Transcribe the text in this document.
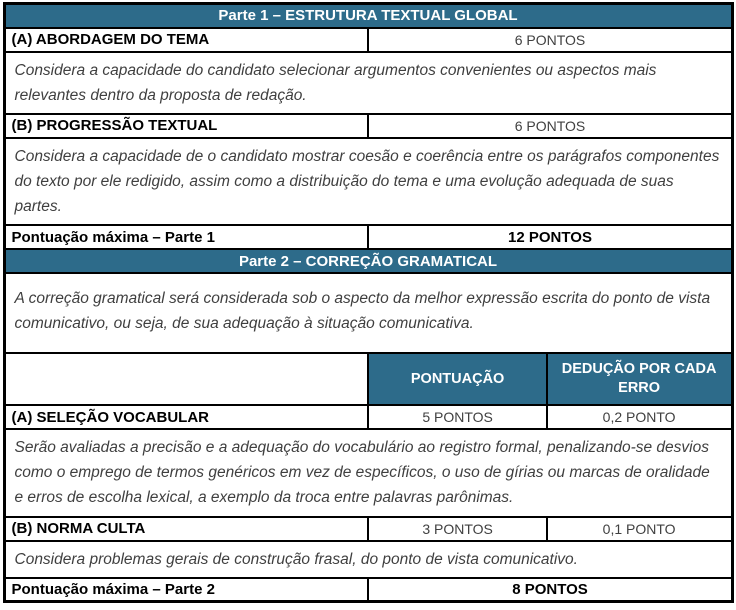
Parte 1 – ESTRUTURA TEXTUAL GLOBAL		
(A) ABORDAGEM DO TEMA	6 PONTOS	
Considera a capacidade do candidato selecionar argumentos convenientes ou aspectos mais relevantes dentro da proposta de redação.		
(B) PROGRESSÃO TEXTUAL	6 PONTOS	
Considera a capacidade de o candidato mostrar coesão e coerência entre os parágrafos componentes do texto por ele redigido, assim como a distribuição do tema e uma evolução adequada de suas partes.		
Pontuação máxima – Parte 1	12 PONTOS	
Parte 2 – CORREÇÃO GRAMATICAL		
A correção gramatical será considerada sob o aspecto da melhor expressão escrita do ponto de vista comunicativo, ou seja, de sua adequação à situação comunicativa.		
	PONTUAÇÃO	DEDUÇÃO POR CADA ERRO
(A) SELEÇÃO VOCABULAR	5 PONTOS	0,2 PONTO
Serão avaliadas a precisão e a adequação do vocabulário ao registro formal, penalizando-se desvios como o emprego de termos genéricos em vez de específicos, o uso de gírias ou marcas de oralidade e erros de escolha lexical, a exemplo da troca entre palavras parônimas.		
(B) NORMA CULTA	3 PONTOS	0,1 PONTO
Considera problemas gerais de construção frasal, do ponto de vista comunicativo.		
Pontuação máxima – Parte 2	8 PONTOS	
